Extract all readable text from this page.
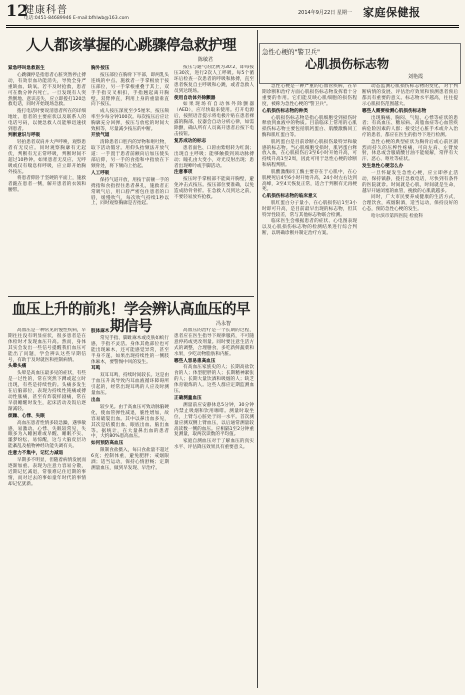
12
健康科普
电话:0451-84689946 E-mail:bfhlwb@163.com
2014年9月22日 星期一 家庭保健报
人人都该掌握的心跳骤停急救护理
陈敏君

紧急呼叫急救医生

心跳骤停是指患者心脏突然停止搏动，有效泵血功能消失，导致全身严重缺血、缺氧。若不及时抢救，患者可在数分钟内死亡。一旦发现有人突然倒地、意识丧失，应立即拨打120急救电话，同时开始现场急救。

拨打电话时要说清患者所在的详细地址、患者的主要症状以及联系人的电话号码，以便急救人员能够迅速找到患者。

判断意识与呼吸

轻拍患者双肩并大声呼唤，观察患者有无反应。同时观察胸廓有无起伏，判断有无正常呼吸，判断时间不超过10秒钟。如果患者无反应、无呼吸或仅有喘息样呼吸，应立即开始胸外按压。

将患者仰卧于坚硬的平面上，施救者跪在患者一侧，解开患者的衣领和腰带。

胸外按压

按压部位在胸骨下半部，即两乳头连线的中点。施救者一手掌根放于按压部位，另一手掌根重叠于其上，双手手指交叉相扣，手指翘起离开胸壁。双臂伸直，利用上身的重量垂直向下按压。

成人按压深度至少5厘米，按压频率至少每分钟100次。每次按压后应让胸廓充分回弹，按压与放松的时间大致相等，尽量减少按压的中断。

开放气道

清除患者口腔内的异物和呕吐物，取下活动假牙。用仰头抬颏法开放气道：一手置于患者前额向后加压使头部后仰，另一手的食指和中指放在下颏骨处，将下颏向上抬起。

人工呼吸

保持气道开放，用按于前额一手的拇指和食指捏住患者鼻孔，施救者正常吸气后，用口唇严密包住患者的口唇，缓慢吹气，每次吹气持续1秒以上，同时观察胸廓是否抬起。

按压与通气的比例为30:2，即每按压30次，进行2次人工呼吸。每5个循环后检查一次患者的呼吸和脉搏，直至患者恢复自主呼吸和心跳，或者急救人员到达现场。

使用自动体外除颤器

如果现场有自动体外除颤器（AED），应尽快取来使用。打开电源后，按照语音提示将电极片贴在患者裸露的胸部，仪器会自动分析心律，如需除颤，确认所有人员离开患者后按下电击按钮。

复苏成功的标志

患者面色、口唇由紫绀转为红润；出现自主呼吸；能够触摸到颈动脉搏动；瞳孔由大变小，对光反射出现；患者出现呻吟或手脚活动。

注意事项

按压时手掌根部不能离开胸壁，避免冲击式按压。按压部位要准确，以免造成肋骨骨折。在急救人员到达之前，不要轻易放弃抢救。

血压上升的前兆！学会辨认高血压的早期信号	冯永智

高血压是一种常见的慢性疾病，早期往往没有明显症状，很多患者是在体检时才发现血压升高。然而，身体其实会发出一些信号提醒我们血压可能出了问题，学会辨认这些早期信号，有助于及时就医和控制病情。

头晕头痛

头晕是高血压最多见的症状，有些是一过性的，常在突然下蹲或起立时出现，有些是持续性的。头痛多发生在后脑部位，表现为持续性钝痛或搏动性胀痛，甚至有炸裂样剧痛，常在早晨睡醒时发生，起床活动及饭后逐渐减轻。

烦躁、心悸、失眠

高血压患者性情多较急躁，遇事敏感，易激动。心悸、失眠较常见，失眠多为入睡困难或早醒、睡眠不实、噩梦纷纭、易惊醒，这与大脑皮层功能紊乱及植物神经功能失调有关。

注意力不集中，记忆力减退

早期多不明显，但随着病情发展而逐渐加重。表现为注意力容易分散，近期记忆减退，常很难记住近期的事情，而对过去的事如童年时代的事情却记忆犹新。

肢体麻木

常见手指、脚趾麻木或皮肤如蚁行感，手指不灵活。身体其他部位也可能出现麻木，还可能感觉异常，甚至半身不遂。如果出现持续性的一侧肢体麻木，要警惕中风的发生。

耳鸣

双耳耳鸣，持续时间较长。这是由于血压升高导致内耳血液循环障碍所引起的，经常出现耳鸣的人应及时测量血压。

出血

较少见。由于高血压可致动脉脑硬化，使血管弹性减退，脆性增加，故容易破裂出血。其中以鼻出血多见，其次是结膜出血、眼底出血、脑出血等。据统计，在大量鼻出血的患者中，大约80%患高血压。

如何预防高血压

限制食盐摄入，每日食盐量不超过6克；控制体重，避免肥胖；戒烟限酒；适当运动，保持心情舒畅；定期测量血压，做到早发现、早治疗。

高血压的治疗是一个长期的过程，患者应在医生指导下规律服药，不可随意停药或更改剂量。同时要注意生活方式的调整，合理膳食，多吃新鲜蔬菜和水果，少吃动物脂肪和内脏。

哪些人容易患高血压

有高血压家族史的人；长期高盐饮食的人；体型肥胖的人；长期精神紧张的人；长期大量饮酒和吸烟的人；缺乏体育锻炼的人。这些人群应定期监测血压。

正确测量血压

测量前应安静休息5分钟，30分钟内禁止吸烟和饮用咖啡。测量时取坐位，上臂与心脏处于同一水平。首次测量应测双侧上臂血压，以后通常测量较高读数一侧的血压。应相隔1至2分钟重复测量，取两次读数的平均值。

家庭自测血压对于了解血压的真实水平、评估降压效果具有重要意义。

急性心梗的"警卫兵"
心肌损伤标志物
刘艳霞

急性心梗是一种严重的心血管疾病，在早期诊断和治疗方面心肌损伤标志物发挥着十分重要的作用。它们能反映心肌细胞的损伤程度，被称为急性心梗的"警卫兵"。

心肌损伤标志物的种类

心肌损伤标志物是指心肌细胞受到损伤时释放到血液中的物质。目前临床上常用的心肌损伤标志物主要包括肌钙蛋白、肌酸激酶同工酶和肌红蛋白等。

肌钙蛋白是目前诊断心肌损伤最特异和敏感的标志物。当心肌细胞受损时，肌钙蛋白释放入血，在心肌损伤后3至6小时开始升高，可持续升高1至2周，因此可用于急性心梗的诊断和病程判断。

肌酸激酶同工酶主要存在于心肌中，在心肌梗死后4至6小时开始升高，24小时左右达到高峰，3至4天恢复正常，适合于判断有无再梗死。

心肌损伤标志物的临床意义

肌红蛋白分子量小，在心肌损伤后1至3小时即可升高，是目前最早出现的标志物，但其特异性较差，常与其他标志物联合检测。

临床医生会根据患者的症状、心电图表现以及心肌损伤标志物的检测结果进行综合判断，以明确诊断并制定治疗方案。

动态监测心肌损伤标志物的变化，对于判断病情的发展、评估治疗效果和预测患者预后都具有重要的意义。标志物水平越高，往往提示心肌损伤范围越大。

哪些人需要检测心肌损伤标志物

出现胸痛、胸闷、气短、心悸等症状的患者；有高血压、糖尿病、高脂血症等心血管疾病危险因素的人群；接受过心脏手术或介入治疗的患者，都应在医生的指导下进行检测。

急性心梗的典型症状为胸骨后或心前区剧烈而持久的压榨性疼痛，可向左肩、左臂放射，休息或含服硝酸甘油不能缓解，常伴有大汗、恶心、呕吐等症状。

发生急性心梗怎么办

一旦怀疑发生急性心梗，应立即停止活动，保持镇静，拨打急救电话，尽快到有条件的医院就诊。时间就是心肌，时间就是生命，越早开通闭塞的血管，挽救的心肌就越多。

同时，广大市民要养成健康的生活方式，合理饮食，戒烟限酒，适当运动，保持良好的心态，预防急性心梗的发生。

哈尔滨市第四医院 检验科
